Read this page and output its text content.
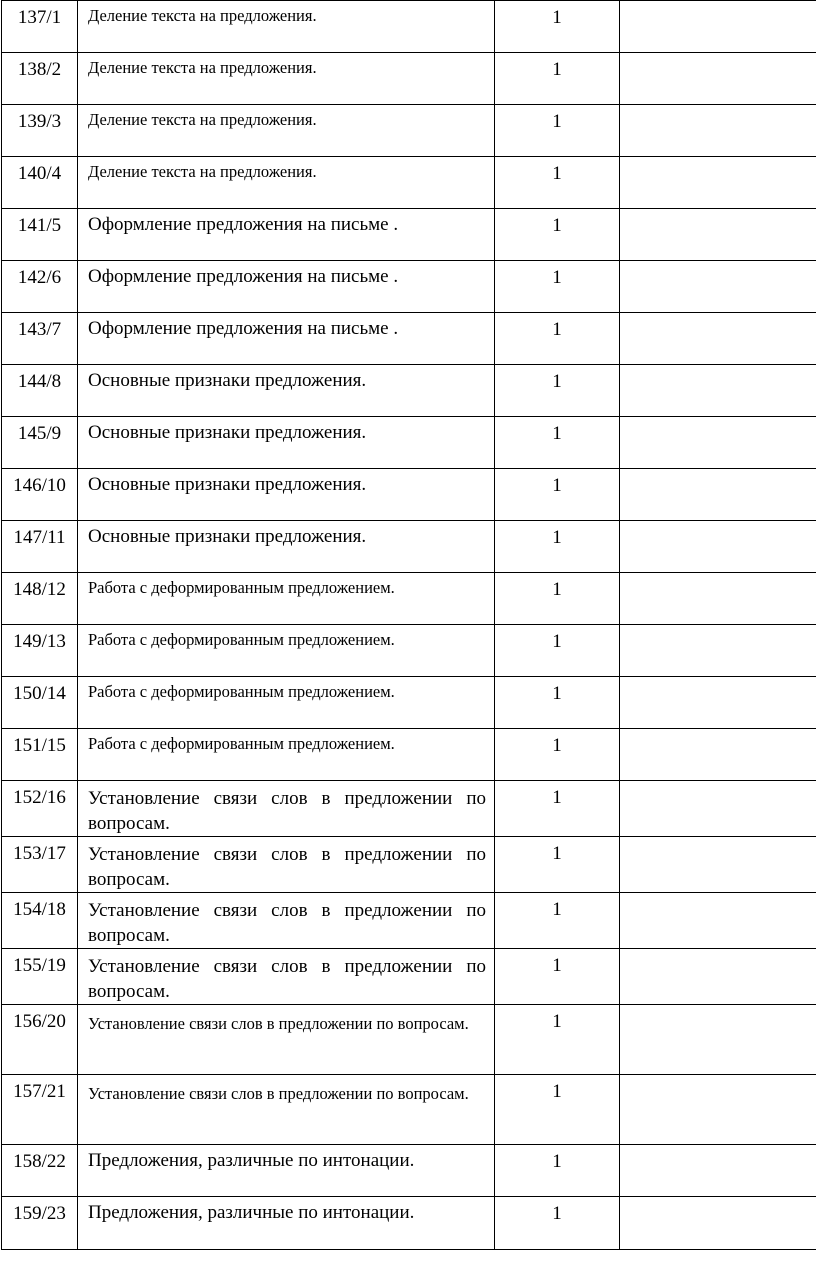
137/1	Деление текста на предложения.	1	
138/2	Деление текста на предложения.	1	
139/3	Деление текста на предложения.	1	
140/4	Деление текста на предложения.	1	
141/5	Оформление предложения на письме .	1	
142/6	Оформление предложения на письме .	1	
143/7	Оформление предложения на письме .	1	
144/8	Основные признаки предложения.	1	
145/9	Основные признаки предложения.	1	
146/10	Основные признаки предложения.	1	
147/11	Основные признаки предложения.	1	
148/12	Работа с деформированным предложением.	1	
149/13	Работа с деформированным предложением.	1	
150/14	Работа с деформированным предложением.	1	
151/15	Работа с деформированным предложением.	1	
152/16	Установление связи слов в предложении по вопросам.	1	
153/17	Установление связи слов в предложении по вопросам.	1	
154/18	Установление связи слов в предложении по вопросам.	1	
155/19	Установление связи слов в предложении по вопросам.	1	
156/20	Установление связи слов в предложении по вопросам.	1	
157/21	Установление связи слов в предложении по вопросам.	1	
158/22	Предложения, различные по интонации.	1	
159/23	Предложения, различные по интонации.	1	
